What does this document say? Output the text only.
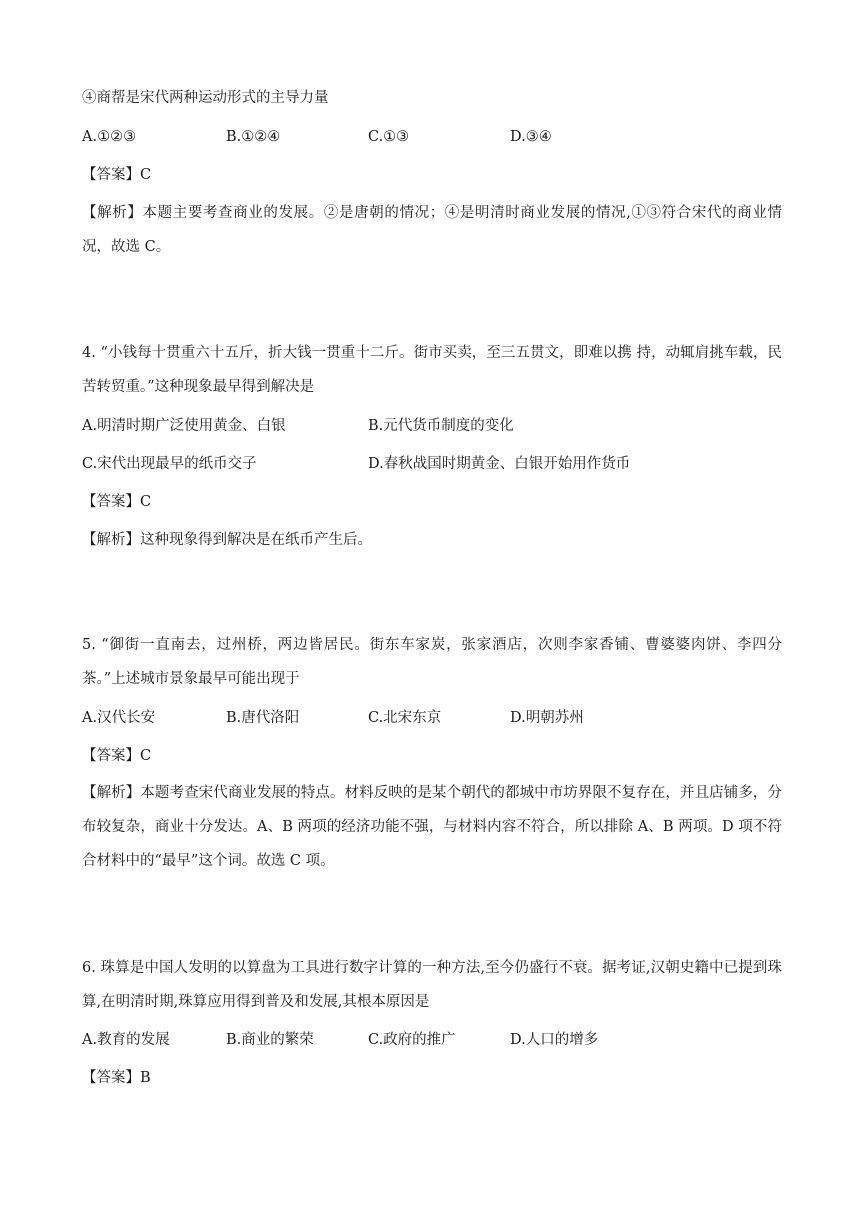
④商帮是宋代两种运动形式的主导力量
A.①②③	B.①②④	C.①③	D.③④
【答案】C
【解析】本题主要考查商业的发展。②是唐朝的情况；④是明清时商业发展的情况,①③符合宋代的商业情况，故选 C。
4. “小钱每十贯重六十五斤，折大钱一贯重十二斤。街市买卖，至三五贯文，即难以携 持，动辄肩挑车载，民苦转贸重。”这种现象最早得到解决是
A.明清时期广泛使用黄金、白银	B.元代货币制度的变化
C.宋代出现最早的纸币交子	D.春秋战国时期黄金、白银开始用作货币
【答案】C
【解析】这种现象得到解决是在纸币产生后。
5. “御街一直南去，过州桥，两边皆居民。街东车家炭，张家酒店，次则李家香铺、曹婆婆肉饼、李四分茶。”上述城市景象最早可能出现于
A.汉代长安	B.唐代洛阳	C.北宋东京	D.明朝苏州
【答案】C
【解析】本题考查宋代商业发展的特点。材料反映的是某个朝代的都城中市坊界限不复存在，并且店铺多，分布较复杂，商业十分发达。A、B 两项的经济功能不强，与材料内容不符合，所以排除 A、B 两项。D 项不符合材料中的“最早”这个词。故选 C 项。
6. 珠算是中国人发明的以算盘为工具进行数字计算的一种方法,至今仍盛行不衰。据考证,汉朝史籍中已提到珠算,在明清时期,珠算应用得到普及和发展,其根本原因是
A.教育的发展	B.商业的繁荣	C.政府的推广	D.人口的增多
【答案】B
